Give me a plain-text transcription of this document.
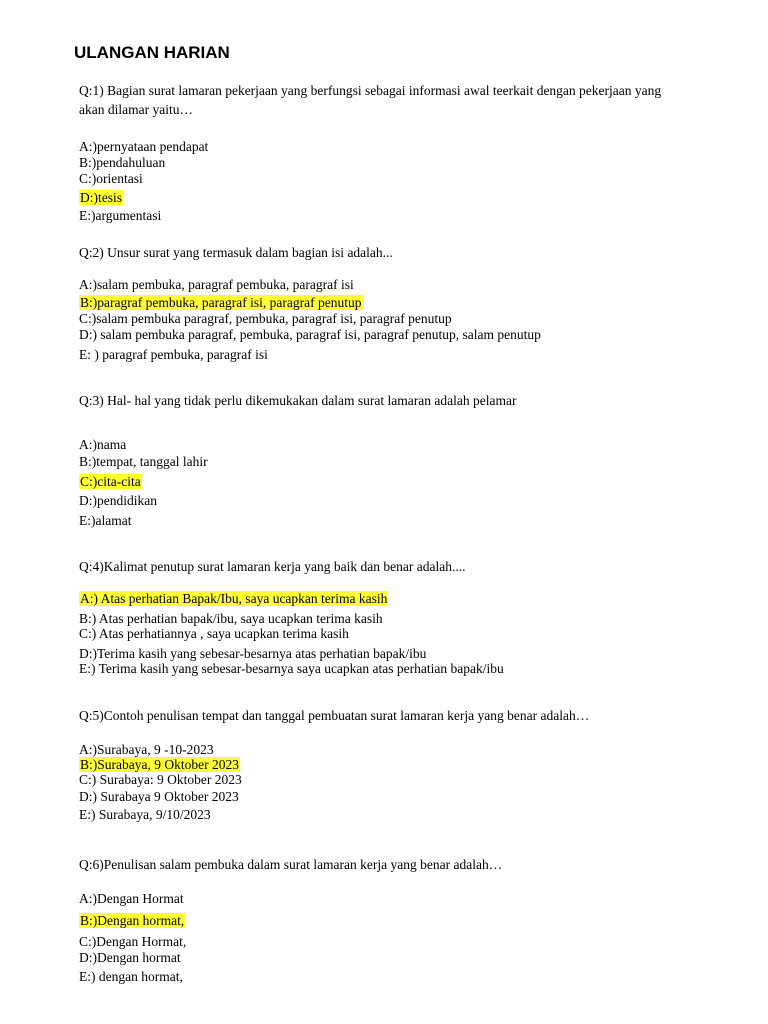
ULANGAN HARIAN
Q:1) Bagian surat lamaran pekerjaan yang berfungsi sebagai informasi awal teerkait dengan pekerjaan yang akan dilamar yaitu…
A:)pernyataan pendapat
B:)pendahuluan
C:)orientasi
D:)tesis
E:)argumentasi
Q:2) Unsur surat yang termasuk dalam bagian isi adalah...
A:)salam pembuka, paragraf pembuka, paragraf isi
B:)paragraf pembuka, paragraf isi, paragraf penutup
C:)salam pembuka paragraf, pembuka, paragraf isi, paragraf penutup
D:) salam pembuka paragraf, pembuka, paragraf isi, paragraf penutup, salam penutup
E: ) paragraf pembuka, paragraf isi
Q:3) Hal- hal yang tidak perlu dikemukakan dalam surat lamaran adalah pelamar
A:)nama
B:)tempat, tanggal lahir
C:)cita-cita
D:)pendidikan
E:)alamat
Q:4)Kalimat penutup surat lamaran kerja yang baik dan benar adalah....
A:) Atas perhatian Bapak/Ibu, saya ucapkan terima kasih
B:) Atas perhatian bapak/ibu, saya ucapkan terima kasih
C:) Atas perhatiannya , saya ucapkan terima kasih
D:)Terima kasih yang sebesar-besarnya atas perhatian bapak/ibu
E:) Terima kasih yang sebesar-besarnya saya ucapkan atas perhatian bapak/ibu
Q:5)Contoh penulisan tempat dan tanggal pembuatan surat lamaran kerja yang benar adalah…
A:)Surabaya, 9 -10-2023
B:)Surabaya, 9 Oktober 2023
C:) Surabaya: 9 Oktober 2023
D:) Surabaya 9 Oktober 2023
E:) Surabaya, 9/10/2023
Q:6)Penulisan salam pembuka dalam surat lamaran kerja yang benar adalah…
A:)Dengan Hormat
B:)Dengan hormat,
C:)Dengan Hormat,
D:)Dengan hormat
E:) dengan hormat,
